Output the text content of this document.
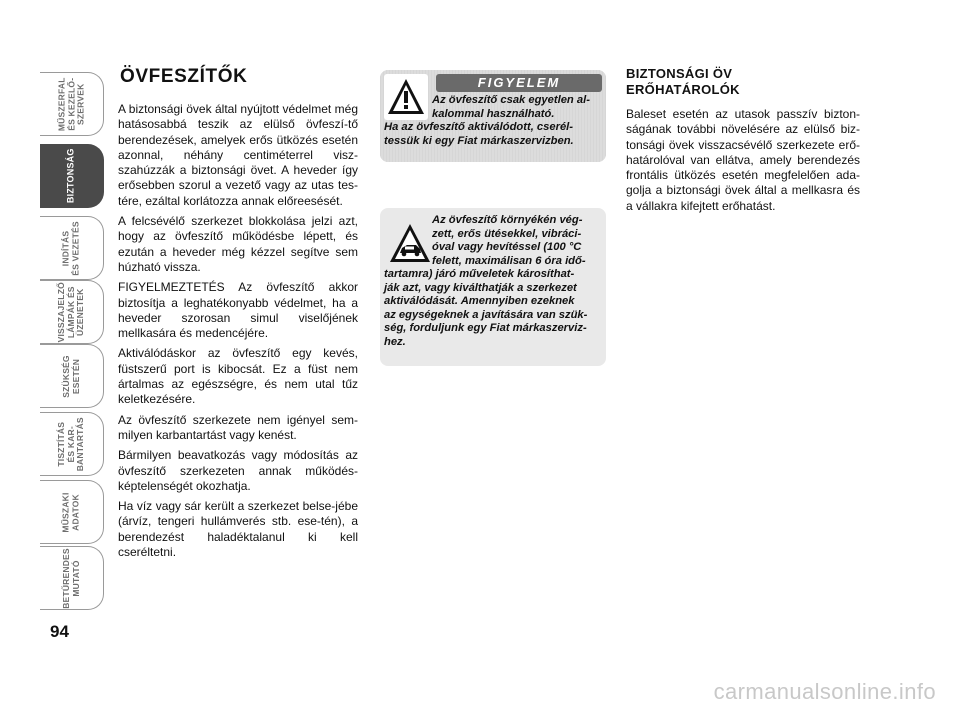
MŰSZERFAL
ÉS KEZELŐ-
SZERVEK
BIZTONSÁG
INDÍTÁS
ÉS VEZETÉS
VISSZAJELZŐ
LÁMPÁK ÉS
ÜZENETEK
SZÜKSÉG
ESETÉN
TISZTÍTÁS
ÉS KAR-
BANTARTÁS
MŰSZAKI
ADATOK
BETŰRENDES
MUTATÓ
94
ÖVFESZÍTŐK

A biztonsági övek által nyújtott védelmet még hatásosabbá teszik az elülső övfeszí-tő berendezések, amelyek erős ütközés esetén azonnal, néhány centiméterrel visz-szahúzzák a biztonsági övet. A heveder így erősebben szorul a vezető vagy az utas tes-tére, ezáltal korlátozza annak előreesését.

A felcsévélő szerkezet blokkolása jelzi azt, hogy az övfeszítő működésbe lépett, és ezután a heveder még kézzel segítve sem húzható vissza.

FIGYELMEZTETÉS Az övfeszítő akkor biztosítja a leghatékonyabb védelmet, ha a heveder szorosan simul viselőjének mellkasára és medencéjére.

Aktiválódáskor az övfeszítő egy kevés, füstszerű port is kibocsát. Ez a füst nem ártalmas az egészségre, és nem utal tűz keletkezésére.

Az övfeszítő szerkezete nem igényel sem-milyen karbantartást vagy kenést.

Bármilyen beavatkozás vagy módosítás az övfeszítő szerkezeten annak működés-képtelenségét okozhatja.

Ha víz vagy sár került a szerkezet belse-jébe (árvíz, tengeri hullámverés stb. ese-tén), a berendezést haladéktalanul ki kell cseréltetni.

FIGYELEM
Az övfeszítő csak egyetlen al-
kalommal használható.
Ha az övfeszítő aktiválódott, cserél-
tessük ki egy Fiat márkaszervizben.
Az övfeszítő környékén vég-
zett, erős ütésekkel, vibráci-
óval vagy hevítéssel (100 °C
felett, maximálisan 6 óra idő-
tartamra) járó műveletek károsíthat-
ják azt, vagy kiválthatják a szerkezet
aktiválódását. Amennyiben ezeknek
az egységeknek a javítására van szük-
ség, forduljunk egy Fiat márkaszerviz-
hez.
BIZTONSÁGI ÖV
ERŐHATÁROLÓK

Baleset esetén az utasok passzív bizton-ságának további növelésére az elülső biz-tonsági övek visszacsévélő szerkezete erő-határolóval van ellátva, amely berendezés frontális ütközés esetén megfelelően ada-golja a biztonsági övek által a mellkasra és a vállakra kifejtett erőhatást.

carmanualsonline.info
